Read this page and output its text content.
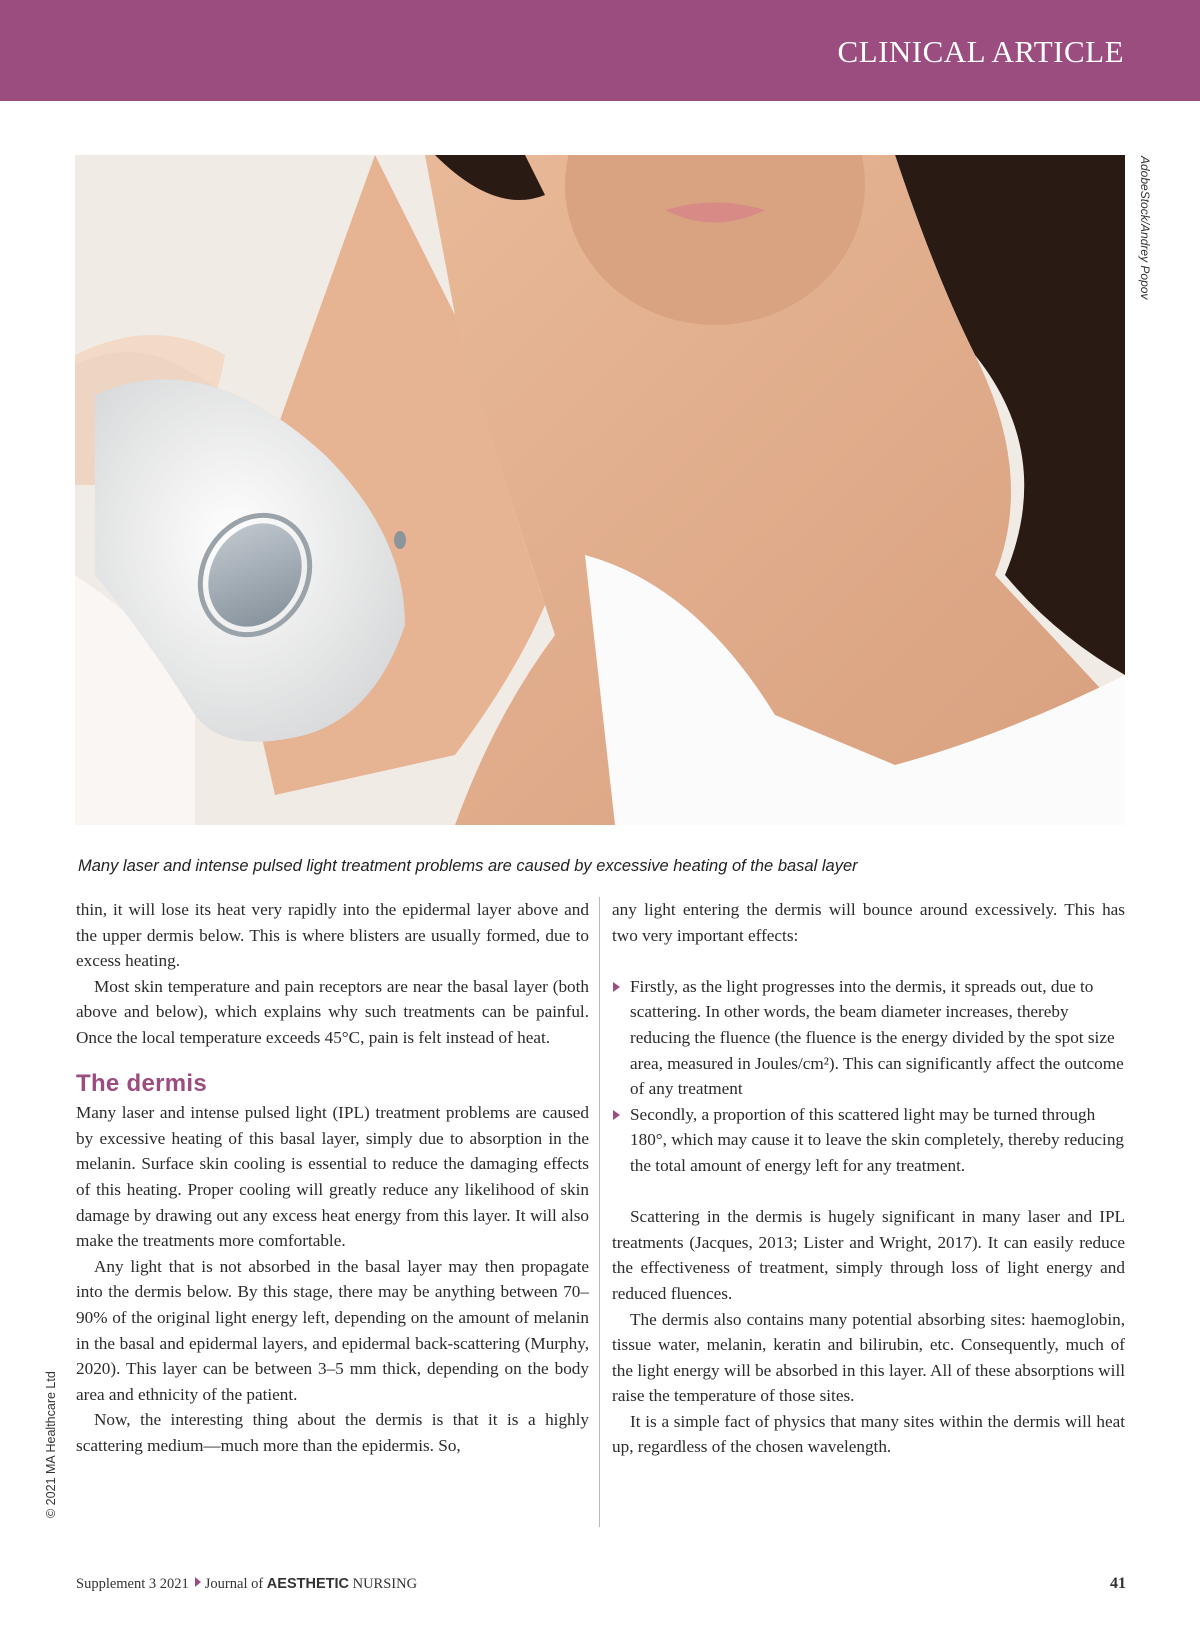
CLINICAL ARTICLE
AdobeStock/Andrey Popov
Many laser and intense pulsed light treatment problems are caused by excessive heating of the basal layer

thin, it will lose its heat very rapidly into the epidermal layer above and the upper dermis below. This is where blisters are usually formed, due to excess heating.

Most skin temperature and pain receptors are near the basal layer (both above and below), which explains why such treatments can be painful. Once the local temperature exceeds 45°C, pain is felt instead of heat.

The dermis

Many laser and intense pulsed light (IPL) treatment problems are caused by excessive heating of this basal layer, simply due to absorption in the melanin. Surface skin cooling is essential to reduce the damaging effects of this heating. Proper cooling will greatly reduce any likelihood of skin damage by drawing out any excess heat energy from this layer. It will also make the treatments more comfortable.

Any light that is not absorbed in the basal layer may then propagate into the dermis below. By this stage, there may be anything between 70–90% of the original light energy left, depending on the amount of melanin in the basal and epidermal layers, and epidermal back-scattering (Murphy, 2020). This layer can be between 3–5 mm thick, depending on the body area and ethnicity of the patient.

Now, the interesting thing about the dermis is that it is a highly scattering medium—much more than the epidermis. So,

any light entering the dermis will bounce around excessively. This has two very important effects:

Firstly, as the light progresses into the dermis, it spreads out, due to scattering. In other words, the beam diameter increases, thereby reducing the fluence (the fluence is the energy divided by the spot size area, measured in Joules/cm²). This can significantly affect the outcome of any treatment
Secondly, a proportion of this scattered light may be turned through 180°, which may cause it to leave the skin completely, thereby reducing the total amount of energy left for any treatment.

Scattering in the dermis is hugely significant in many laser and IPL treatments (Jacques, 2013; Lister and Wright, 2017). It can easily reduce the effectiveness of treatment, simply through loss of light energy and reduced fluences.

The dermis also contains many potential absorbing sites: haemoglobin, tissue water, melanin, keratin and bilirubin, etc. Consequently, much of the light energy will be absorbed in this layer. All of these absorptions will raise the temperature of those sites.

It is a simple fact of physics that many sites within the dermis will heat up, regardless of the chosen wavelength.

© 2021 MA Healthcare Ltd
Supplement 3 2021 Journal of AESTHETIC NURSING	41
